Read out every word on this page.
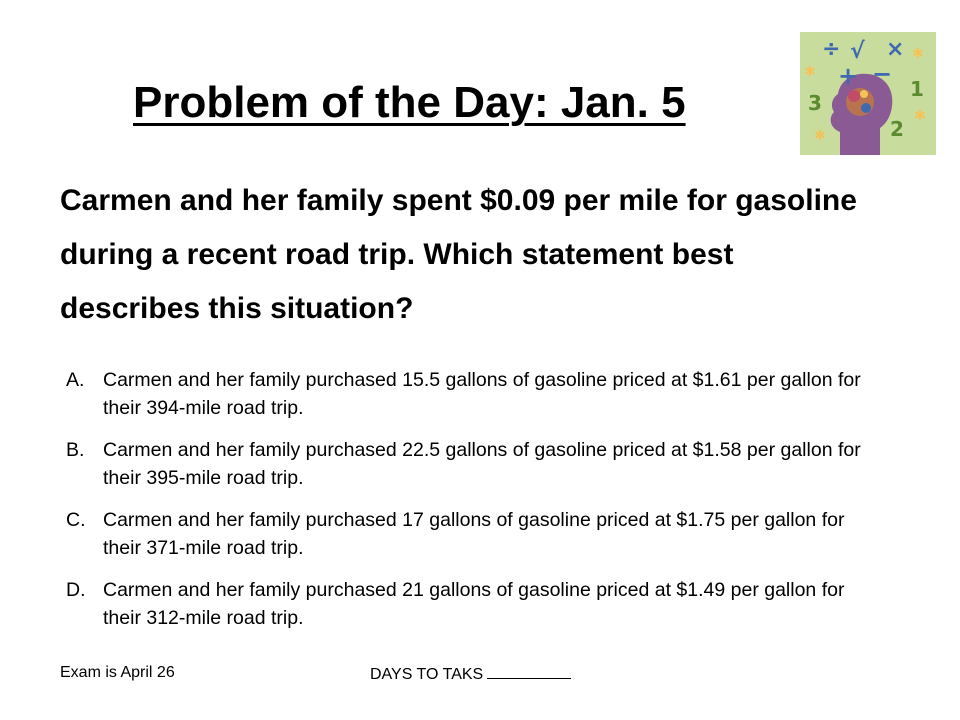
Problem of the Day: Jan. 5
÷ √ ×
+ −
3
1
2
✱
✱
✱
✱

Carmen and her family spent $0.09 per mile for gasoline during a recent road trip. Which statement best describes this situation?

A. Carmen and her family purchased 15.5 gallons of gasoline priced at $1.61 per gallon for their 394-mile road trip.
B. Carmen and her family purchased 22.5 gallons of gasoline priced at $1.58 per gallon for their 395-mile road trip.
C. Carmen and her family purchased 17 gallons of gasoline priced at $1.75 per gallon for their 371-mile road trip.
D. Carmen and her family purchased 21 gallons of gasoline priced at $1.49 per gallon for their 312-mile road trip.
Exam is April 26	DAYS TO TAKS
